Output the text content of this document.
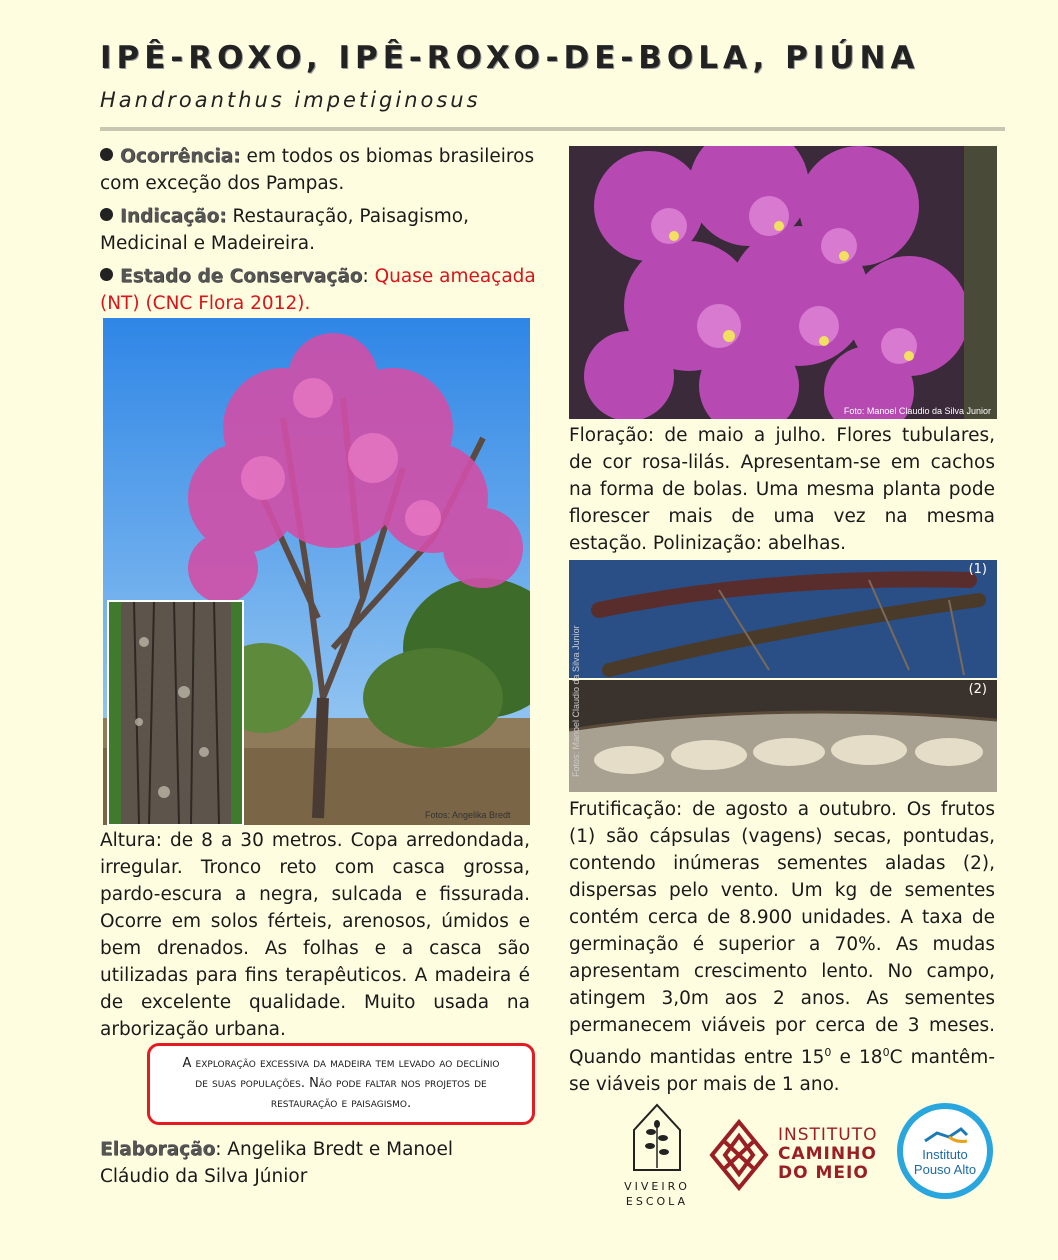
IPÊ-ROXO, IPÊ-ROXO-DE-BOLA, PIÚNA
Handroanthus impetiginosus
Ocorrência: em todos os biomas brasileiros com exceção dos Pampas.
Indicação: Restauração, Paisagismo, Medicinal e Madeireira.
Estado de Conservação: Quase ameaçada (NT) (CNC Flora 2012).
Fotos: Angelika Bredt
Foto: Manoel Claudio da Silva Junior
Floração: de maio a julho. Flores tubulares, de cor rosa-lilás. Apresentam-se em cachos na forma de bolas. Uma mesma planta pode florescer mais de uma vez na mesma estação. Polinização: abelhas.
(1)
(2)
Fotos: Manoel Claudio da Silva Junior
Frutificação: de agosto a outubro. Os frutos (1) são cápsulas (vagens) secas, pontudas, contendo inúmeras sementes aladas (2), dispersas pelo vento. Um kg de sementes contém cerca de 8.900 unidades. A taxa de germinação é superior a 70%. As mudas apresentam crescimento lento. No campo, atingem 3,0m aos 2 anos. As sementes permanecem viáveis por cerca de 3 meses. Quando mantidas entre $15^0$ e $18^0C$ mantêm-se viáveis por mais de 1 ano.
Altura: de 8 a 30 metros. Copa arredondada, irregular. Tronco reto com casca grossa, pardo-escura a negra, sulcada e fissurada. Ocorre em solos férteis, arenosos, úmidos e bem drenados. As folhas e a casca são utilizadas para fins terapêuticos. A madeira é de excelente qualidade. Muito usada na arborização urbana.
A exploração excessiva da madeira tem levado ao declínio de suas populações. Não pode faltar nos projetos de restauração e paisagismo.
Elaboração: Angelika Bredt e Manoel Cláudio da Silva Júnior	VIVEIRO
ESCOLA
INSTITUTO
CAMINHO
DO MEIO
Instituto
Pouso Alto
